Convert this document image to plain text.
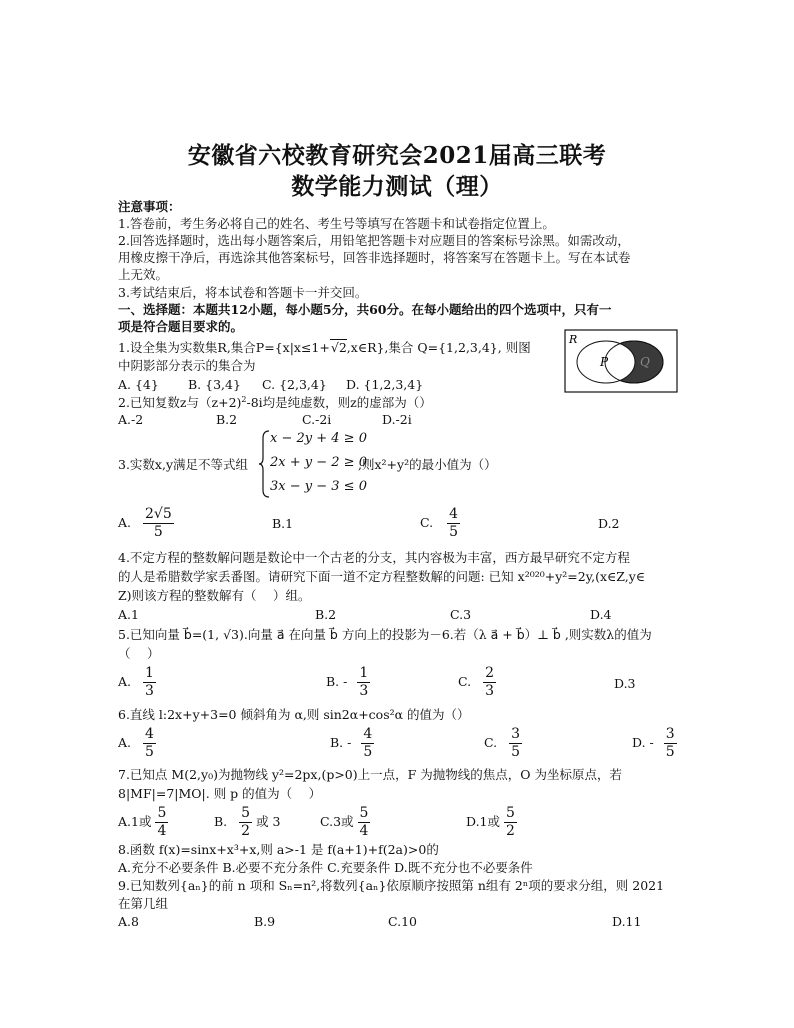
安徽省六校教育研究会2021届高三联考
数学能力测试（理）
注意事项：
1.答卷前，考生务必将自己的姓名、考生号等填写在答题卡和试卷指定位置上。
2.回答选择题时，选出每小题答案后，用铅笔把答题卡对应题目的答案标号涂黑。如需改动，
用橡皮擦干净后，再选涂其他答案标号，回答非选择题时，将答案写在答题卡上。写在本试卷
上无效。
3.考试结束后，将本试卷和答题卡一并交回。
一、选择题：本题共12小题，每小题5分，共60分。在每小题给出的四个选项中，只有一
项是符合题目要求的。
R
P	Q
1.设全集为实数集R,集合P={x|x≤1+√2,x∈R},集合 Q={1,2,3,4}, 则图
中阴影部分表示的集合为
A. {4} B. {3,4} C. {2,3,4} D. {1,2,3,4}
2.已知复数z与（z+2)$^2$-8i均是纯虚数，则z的虚部为（）
A.-2	B.2	C.-2i	D.-2i
3.实数x,y满足不等式组
x − 2y + 4 ≥ 0
2x + y − 2 ≥ 0
3x − y − 3 ≤ 0
,则x²+y²的最小值为（）
A. $\frac{2√5}{5}$	B.1	C. $\frac{4}{5}$	D.2
4.不定方程的整数解问题是数论中一个古老的分支，其内容极为丰富，西方最早研究不定方程
的人是希腊数学家丢番图。请研究下面一道不定方程整数解的问题: 已知 x²⁰²⁰+y²=2y,(x∈Z,y∈
Z)则该方程的整数解有（　 ）组。
A.1	B.2	C.3	D.4
5.已知向量 b⃗=(1, √3).向量 a⃗ 在向量 b⃗ 方向上的投影为－6.若（λ a⃗ + b⃗）⊥ b⃗ ,则实数λ的值为
（　 ）
A. $\frac{1}{3}$	B. - $\frac{1}{3}$	C. $\frac{2}{3}$	D.3
6.直线 l:2x+y+3=0 倾斜角为 α,则 sin2α+cos²α 的值为（）
A. $\frac{4}{5}$	B. - $\frac{4}{5}$	C. $\frac{3}{5}$	D. - $\frac{3}{5}$
7.已知点 M(2,y₀)为抛物线 y²=2px,(p>0)上一点，F 为抛物线的焦点，O 为坐标原点，若
8|MF|=7|MO|. 则 p 的值为（　 ）
A.1或 $\frac{5}{4}$	B. $\frac{5}{2}$ 或 3	C.3或 $\frac{5}{4}$	D.1或 $\frac{5}{2}$
8.函数 f(x)=sinx+x³+x,则 a>-1 是 f(a+1)+f(2a)>0的
A.充分不必要条件 B.必要不充分条件 C.充要条件 D.既不充分也不必要条件
9.已知数列{aₙ}的前 n 项和 Sₙ=n²,将数列{aₙ}依原顺序按照第 n组有 2ⁿ项的要求分组，则 2021
在第几组
A.8	B.9	C.10	D.11
